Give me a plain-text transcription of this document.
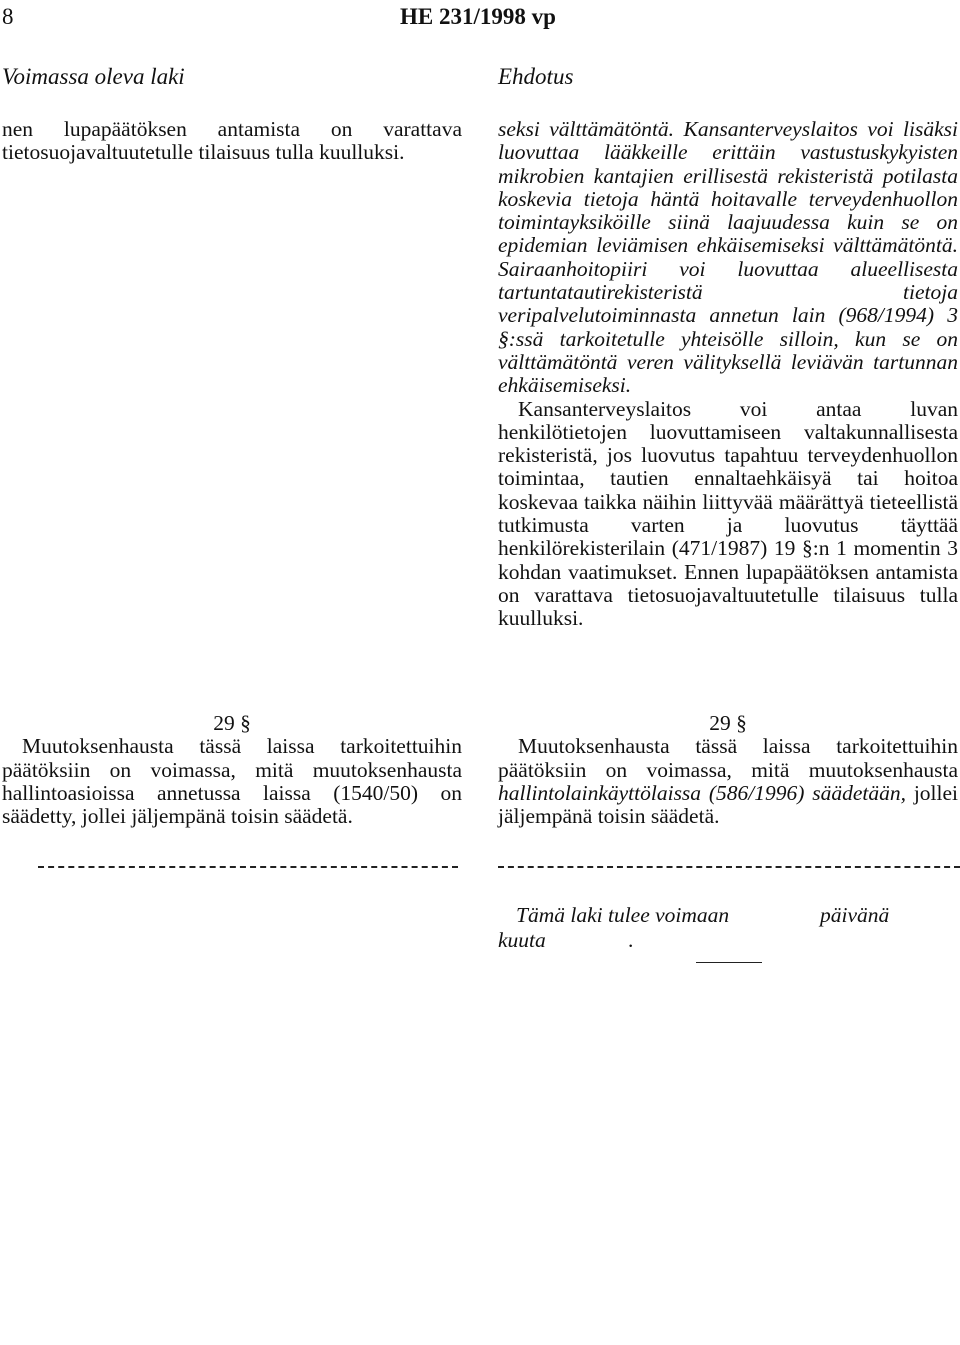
8	HE 231/1998 vp
Voimassa oleva laki	Ehdotus

nen lupapäätöksen antamista on varattava tietosuojavaltuutetulle tilaisuus tulla kuulluksi.

29 §

Muutoksenhausta tässä laissa tarkoitettuihin päätöksiin on voimassa, mitä muutoksenhausta hallintoasioissa annetussa laissa (1540/50) on säädetty, jollei jäljempänä toisin säädetä.

seksi välttämätöntä. Kansanterveyslaitos voi lisäksi luovuttaa lääkkeille erittäin vastustuskykyisten mikrobien kantajien erillisestä rekisteristä potilasta koskevia tietoja häntä hoitavalle terveydenhuollon toimintayksiköille siinä laajuudessa kuin se on epidemian leviämisen ehkäisemiseksi välttämätöntä. Sairaanhoitopiiri voi luovuttaa alueellisesta tartuntatautirekisteristä tietoja veripalvelutoiminnasta annetun lain (968/1994) 3 §:ssä tarkoitetulle yhteisölle silloin, kun se on välttämätöntä veren välityksellä leviävän tartunnan ehkäisemiseksi.

Kansanterveyslaitos voi antaa luvan henkilötietojen luovuttamiseen valtakunnallisesta rekisteristä, jos luovutus tapahtuu terveydenhuollon toimintaa, tautien ennaltaehkäisyä tai hoitoa koskevaa taikka näihin liittyvää määrättyä tieteellistä tutkimusta varten ja luovutus täyttää henkilörekisterilain (471/1987) 19 §:n 1 momentin 3 kohdan vaatimukset. Ennen lupapäätöksen antamista on varattava tietosuojavaltuutetulle tilaisuus tulla kuulluksi.

29 §

Muutoksenhausta tässä laissa tarkoitettuihin päätöksiin on voimassa, mitä muutoksenhausta hallintolainkäyttölaissa (586/1996) säädetään, jollei jäljempänä toisin säädetä.

Tämä laki tulee voimaan	päivänä
kuuta	.
